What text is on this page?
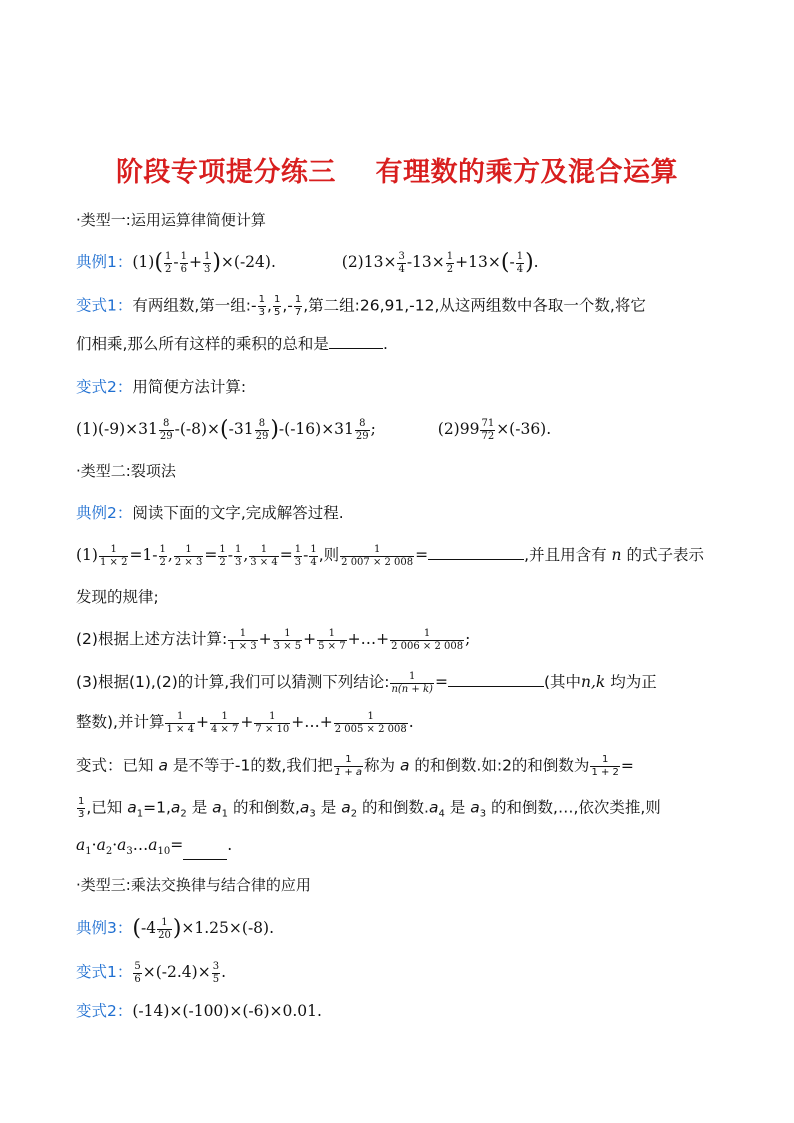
阶段专项提分练三    有理数的乘方及混合运算
·类型一:运用运算律简便计算
典例1：$(1)( \frac{1}{2} - \frac{1}{6} + \frac{1}{3} )\times(-24)$.	$(2)13\times \frac{3}{4} -13\times \frac{1}{2} +13\times(- \frac{1}{4}$ ).
变式1：有两组数,第一组:- $\frac{1}{3}$ , $\frac{1}{5}$ ,- $\frac{1}{7}$ ,第二组:26,91,-12,从这两组数中各取一个数,将它
们相乘,那么所有这样的乘积的总和是	.
变式2：用简便方法计算:
$(1)(-9)\times 31 \frac{8}{29} -(-8)\times(-31 \frac{8}{29} )-(-16)\times 31 \frac{8}{29}$ ;	$(2)99 \frac{71}{72} \times(-36)$.
·类型二:裂项法
典例2：阅读下面的文字,完成解答过程.
$(1) \frac{1}{1 \times 2} =1- \frac{1}{2}$ , $\frac{1}{2 \times 3} = \frac{1}{2} - \frac{1}{3}$ , $\frac{1}{3 \times 4} = \frac{1}{3} - \frac{1}{4}$ ,则 $\frac{1}{2 007 \times 2 008}$ =	,并且用含有 n 的式子表示
发现的规律;
(2)根据上述方法计算: $\frac{1}{1 \times 3} + \frac{1}{3 \times 5} + \frac{1}{5 \times 7}$ +…+ $\frac{1}{2 006 \times 2 008}$ ;
(3)根据(1),(2)的计算,我们可以猜测下列结论: $\frac{1}{n(n + k)}$ =	(其中n,k 均为正
整数),并计算 $\frac{1}{1 \times 4} + \frac{1}{4 \times 7} + \frac{1}{7 \times 10}$ +…+ $\frac{1}{2 005 \times 2 008}$ .
变式：已知 a 是不等于-1的数,我们把 $\frac{1}{1 + a}$ 称为 a 的和倒数.如:2的和倒数为 $\frac{1}{1 + 2}$ =
$\frac{1}{3}$ ,已知 $a_1=1,a_2$ 是 $a_1$ 的和倒数$,a_3$ 是 $a_2$ 的和倒数$.a_4$ 是 $a_3$ 的和倒数,…,依次类推,则
$a_1\cdot a_2\cdot a_3\dots a_{10}=$	.
·类型三:乘法交换律与结合律的应用
典例3：$(-4 \frac{1}{20} )\times 1.25\times(-8)$.
变式1： $\frac{5}{6} \times(-2.4)\times \frac{3}{5}$ .
变式2：(-14)×(-100)×(-6)×0.01.
